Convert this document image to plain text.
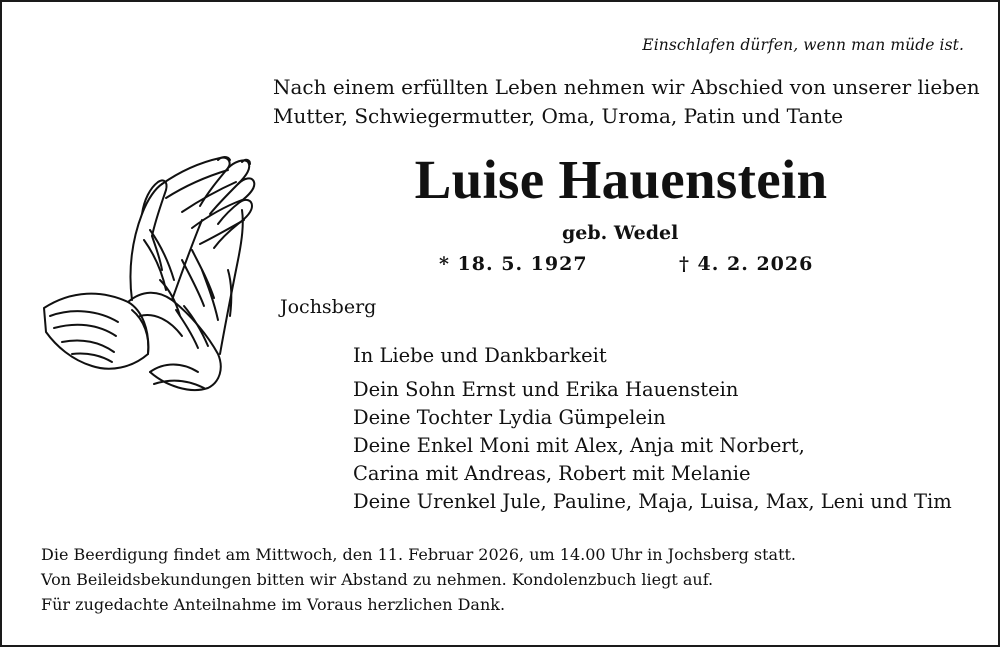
Einschlafen dürfen, wenn man müde ist.
Nach einem erfüllten Leben nehmen wir Abschied von unserer lieben
Mutter, Schwiegermutter, Oma, Uroma, Patin und Tante
Luise Hauenstein
geb. Wedel
* 18. 5. 1927	† 4. 2. 2026
Jochsberg
In Liebe und Dankbarkeit
Dein Sohn Ernst und Erika Hauenstein
Deine Tochter Lydia Gümpelein
Deine Enkel Moni mit Alex, Anja mit Norbert,
Carina mit Andreas, Robert mit Melanie
Deine Urenkel Jule, Pauline, Maja, Luisa, Max, Leni und Tim
Die Beerdigung findet am Mittwoch, den 11. Februar 2026, um 14.00 Uhr in Jochsberg statt.
Von Beileidsbekundungen bitten wir Abstand zu nehmen. Kondolenzbuch liegt auf.
Für zugedachte Anteilnahme im Voraus herzlichen Dank.
